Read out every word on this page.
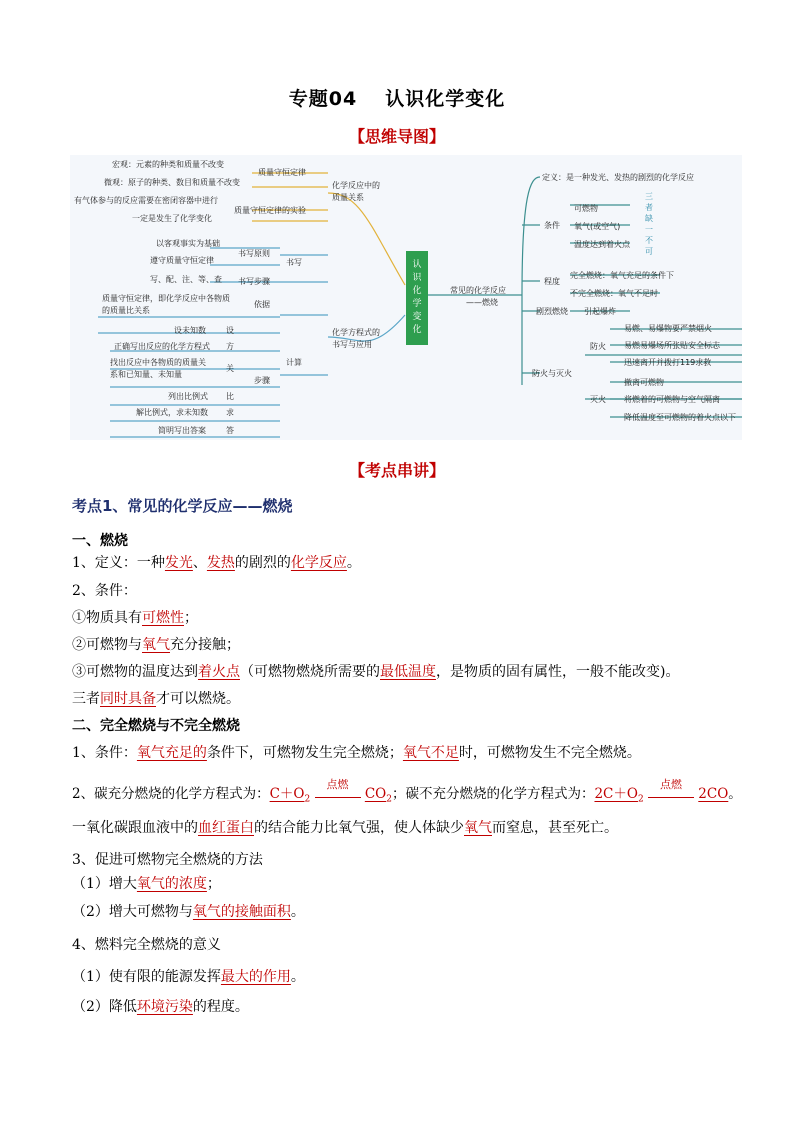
专题04 认识化学变化
【思维导图】
认识化学变化
化学反应中的质量关系
质量守恒定律
宏观：元素的种类和质量不改变
微观：原子的种类、数目和质量不改变
质量守恒定律的实验
有气体参与的反应需要在密闭容器中进行
一定是发生了化学变化
化学方程式的书写与应用
书写
书写原则
以客观事实为基础
遵守质量守恒定律
书写步骤
写、配、注、等、查
计算
依据
质量守恒定律，即化学反应中各物质
的质量比关系
步骤
设未知数
正确写出反应的化学方程式
找出反应中各物质的质量关
系和已知量、未知量
列出比例式
解比例式，求未知数
简明写出答案
设
方
关
比
求
答
常见的化学反应
——燃烧
定义：是一种发光、发热的剧烈的化学反应
条件
可燃物
氧气(或空气)
温度达到着火点
三者缺一不可
程度
完全燃烧：氧气充足的条件下
不完全燃烧：氧气不足时
剧烈燃烧 引起爆炸
防火与灭火
防火
易燃、易爆物要严禁烟火
易燃易爆场所张贴安全标志
迅速离开并拨打119求救
灭火
撤离可燃物
将燃着的可燃物与空气隔离
降低温度至可燃物的着火点以下
【考点串讲】
考点1、常见的化学反应——燃烧
一、燃烧
1、定义：一种发光、发热的剧烈的化学反应。
2、条件：
①物质具有可燃性；
②可燃物与氧气充分接触；
③可燃物的温度达到着火点（可燃物燃烧所需要的最低温度，是物质的固有属性，一般不能改变)。
三者同时具备才可以燃烧。
二、完全燃烧与不完全燃烧
1、条件：氧气充足的条件下，可燃物发生完全燃烧；氧气不足时，可燃物发生不完全燃烧。
2、碳充分燃烧的化学方程式为：$C+O_2$
点燃
$CO_2$；碳不充分燃烧的化学方程式为：$2C+O_2$
点燃
2CO。
一氧化碳跟血液中的血红蛋白的结合能力比氧气强，使人体缺少氧气而窒息，甚至死亡。
3、促进可燃物完全燃烧的方法
（1）增大氧气的浓度；
（2）增大可燃物与氧气的接触面积。
4、燃料完全燃烧的意义
（1）使有限的能源发挥最大的作用。
（2）降低环境污染的程度。
